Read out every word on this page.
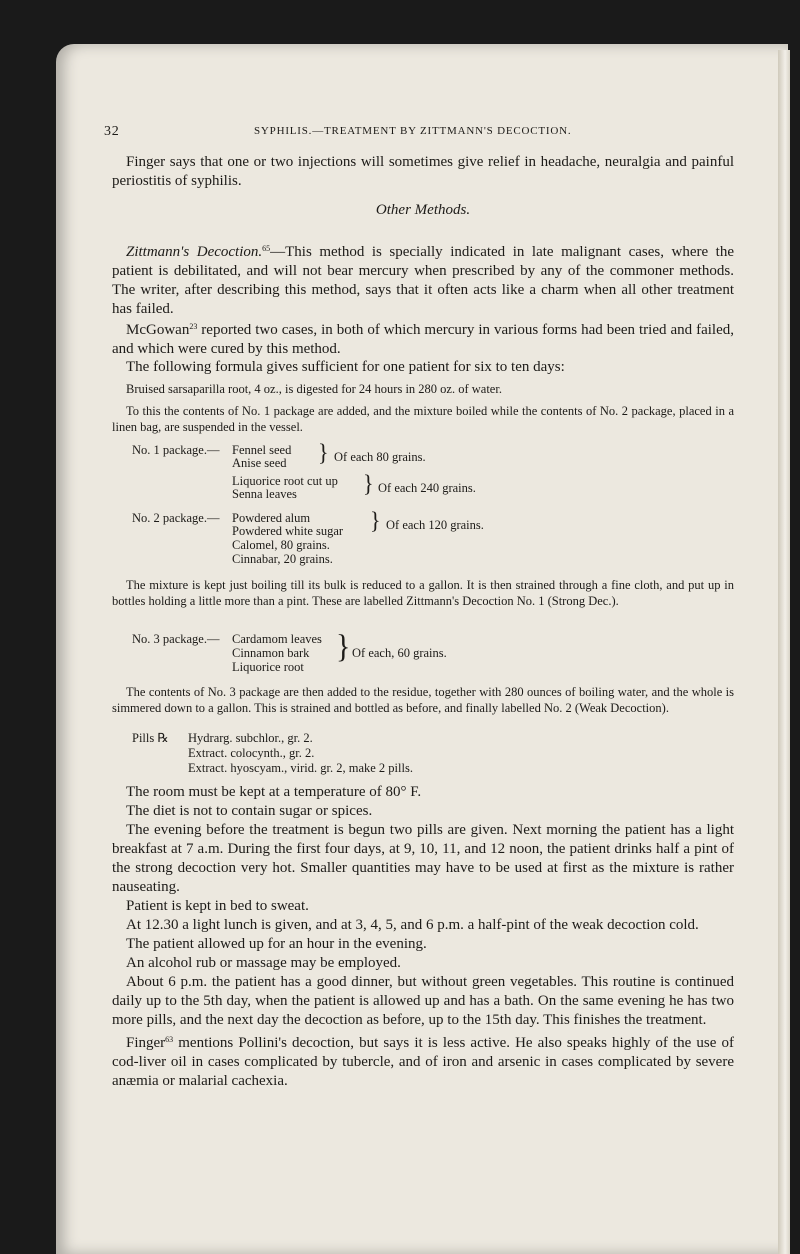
32	SYPHILIS.—TREATMENT BY ZITTMANN'S DECOCTION.

Finger says that one or two injections will sometimes give relief in headache, neuralgia and painful periostitis of syphilis.

Other Methods.

Zittmann's Decoction.$^{65}$—This method is specially indicated in late malignant cases, where the patient is debilitated, and will not bear mercury when prescribed by any of the commoner methods. The writer, after describing this method, says that it often acts like a charm when all other treatment has failed.

McGowan$^{23}$ reported two cases, in both of which mercury in various forms had been tried and failed, and which were cured by this method.

The following formula gives sufficient for one patient for six to ten days:

Bruised sarsaparilla root, 4 oz., is digested for 24 hours in 280 oz. of water.

To this the contents of No. 1 package are added, and the mixture boiled while the contents of No. 2 package, placed in a linen bag, are suspended in the vessel.

No. 1 package.— Fennel seed
Anise seed } Of each 80 grains.
Liquorice root cut up
Senna leaves	} Of each 240 grains.
No. 2 package.— Powdered alum
Powdered white sugar } Of each 120 grains.
Calomel, 80 grains.
Cinnabar, 20 grains.

The mixture is kept just boiling till its bulk is reduced to a gallon. It is then strained through a fine cloth, and put up in bottles holding a little more than a pint. These are labelled Zittmann's Decoction No. 1 (Strong Dec.).

No. 3 package.— Cardamom leaves
Cinnamon bark
Liquorice root
} Of each, 60 grains.

The contents of No. 3 package are then added to the residue, together with 280 ounces of boiling water, and the whole is simmered down to a gallon. This is strained and bottled as before, and finally labelled No. 2 (Weak Decoction).

Pills ℞ Hydrarg. subchlor., gr. 2.
Extract. colocynth., gr. 2.
Extract. hyoscyam., virid. gr. 2, make 2 pills.

The room must be kept at a temperature of 80° F.

The diet is not to contain sugar or spices.

The evening before the treatment is begun two pills are given. Next morning the patient has a light breakfast at 7 a.m. During the first four days, at 9, 10, 11, and 12 noon, the patient drinks half a pint of the strong decoction very hot. Smaller quantities may have to be used at first as the mixture is rather nauseating.

Patient is kept in bed to sweat.

At 12.30 a light lunch is given, and at 3, 4, 5, and 6 p.m. a half-pint of the weak decoction cold.

The patient allowed up for an hour in the evening.

An alcohol rub or massage may be employed.

About 6 p.m. the patient has a good dinner, but without green vegetables. This routine is continued daily up to the 5th day, when the patient is allowed up and has a bath. On the same evening he has two more pills, and the next day the decoction as before, up to the 15th day. This finishes the treatment.

Finger$^{63}$ mentions Pollini's decoction, but says it is less active. He also speaks highly of the use of cod-liver oil in cases complicated by tubercle, and of iron and arsenic in cases complicated by severe anæmia or malarial cachexia.
